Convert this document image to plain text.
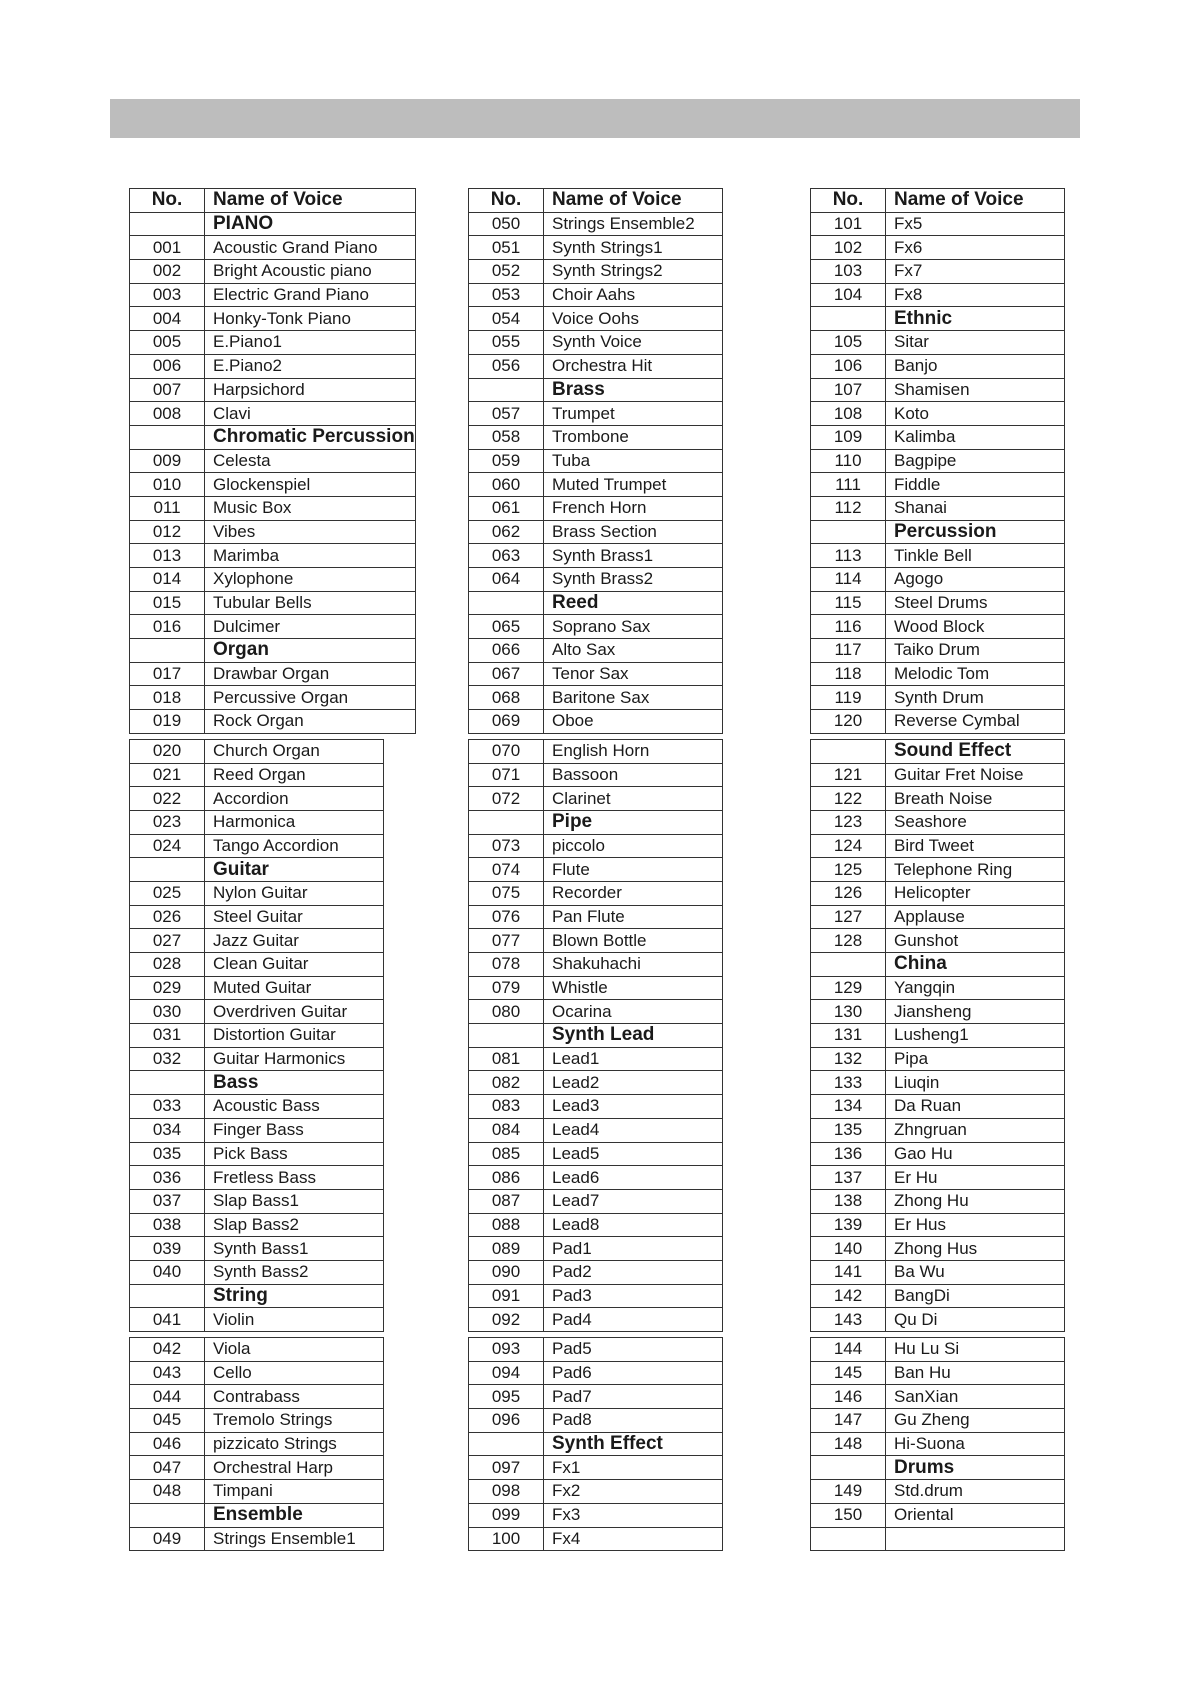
No.	Name of Voice
	PIANO
001	Acoustic Grand Piano
002	Bright Acoustic piano
003	Electric Grand Piano
004	Honky-Tonk Piano
005	E.Piano1
006	E.Piano2
007	Harpsichord
008	Clavi
	Chromatic Percussion
009	Celesta
010	Glockenspiel
011	Music Box
012	Vibes
013	Marimba
014	Xylophone
015	Tubular Bells
016	Dulcimer
	Organ
017	Drawbar Organ
018	Percussive Organ
019	Rock Organ
020	Church Organ
021	Reed Organ
022	Accordion
023	Harmonica
024	Tango Accordion
	Guitar
025	Nylon Guitar
026	Steel Guitar
027	Jazz Guitar
028	Clean Guitar
029	Muted Guitar
030	Overdriven Guitar
031	Distortion Guitar
032	Guitar Harmonics
	Bass
033	Acoustic Bass
034	Finger Bass
035	Pick Bass
036	Fretless Bass
037	Slap Bass1
038	Slap Bass2
039	Synth Bass1
040	Synth Bass2
	String
041	Violin
042	Viola
043	Cello
044	Contrabass
045	Tremolo Strings
046	pizzicato Strings
047	Orchestral Harp
048	Timpani
	Ensemble
049	Strings Ensemble1
No.	Name of Voice
050	Strings Ensemble2
051	Synth Strings1
052	Synth Strings2
053	Choir Aahs
054	Voice Oohs
055	Synth Voice
056	Orchestra Hit
	Brass
057	Trumpet
058	Trombone
059	Tuba
060	Muted Trumpet
061	French Horn
062	Brass Section
063	Synth Brass1
064	Synth Brass2
	Reed
065	Soprano Sax
066	Alto Sax
067	Tenor Sax
068	Baritone Sax
069	Oboe
070	English Horn
071	Bassoon
072	Clarinet
	Pipe
073	piccolo
074	Flute
075	Recorder
076	Pan Flute
077	Blown Bottle
078	Shakuhachi
079	Whistle
080	Ocarina
	Synth Lead
081	Lead1
082	Lead2
083	Lead3
084	Lead4
085	Lead5
086	Lead6
087	Lead7
088	Lead8
089	Pad1
090	Pad2
091	Pad3
092	Pad4
093	Pad5
094	Pad6
095	Pad7
096	Pad8
	Synth Effect
097	Fx1
098	Fx2
099	Fx3
100	Fx4
No.	Name of Voice
101	Fx5
102	Fx6
103	Fx7
104	Fx8
	Ethnic
105	Sitar
106	Banjo
107	Shamisen
108	Koto
109	Kalimba
110	Bagpipe
111	Fiddle
112	Shanai
	Percussion
113	Tinkle Bell
114	Agogo
115	Steel Drums
116	Wood Block
117	Taiko Drum
118	Melodic Tom
119	Synth Drum
120	Reverse Cymbal
	Sound Effect
121	Guitar Fret Noise
122	Breath Noise
123	Seashore
124	Bird Tweet
125	Telephone Ring
126	Helicopter
127	Applause
128	Gunshot
	China
129	Yangqin
130	Jiansheng
131	Lusheng1
132	Pipa
133	Liuqin
134	Da Ruan
135	Zhngruan
136	Gao Hu
137	Er Hu
138	Zhong Hu
139	Er Hus
140	Zhong Hus
141	Ba Wu
142	BangDi
143	Qu Di
144	Hu Lu Si
145	Ban Hu
146	SanXian
147	Gu Zheng
148	Hi-Suona
	Drums
149	Std.drum
150	Oriental
